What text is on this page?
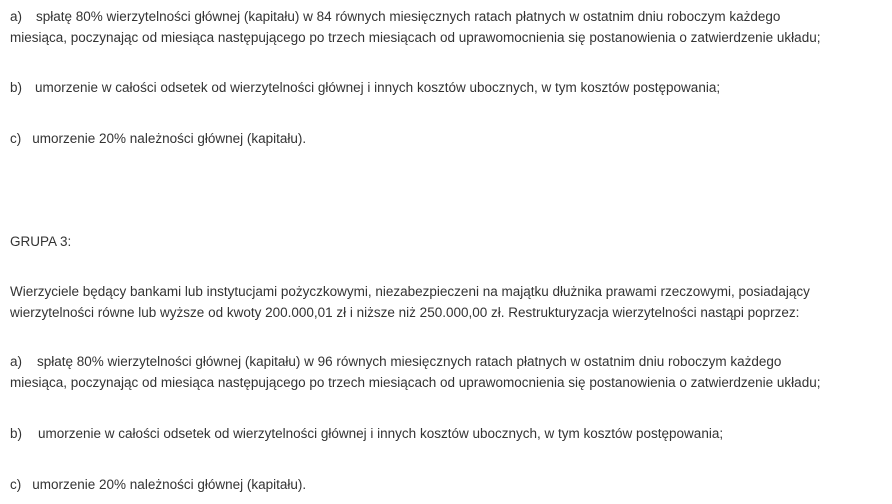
a) spłatę 80% wierzytelności głównej (kapitału) w 84 równych miesięcznych ratach płatnych w ostatnim dniu roboczym każdego
miesiąca, poczynając od miesiąca następującego po trzech miesiącach od uprawomocnienia się postanowienia o zatwierdzenie układu;
b) umorzenie w całości odsetek od wierzytelności głównej i innych kosztów ubocznych, w tym kosztów postępowania;
c) umorzenie 20% należności głównej (kapitału).
GRUPA 3:
Wierzyciele będący bankami lub instytucjami pożyczkowymi, niezabezpieczeni na majątku dłużnika prawami rzeczowymi, posiadający
wierzytelności równe lub wyższe od kwoty 200.000,01 zł i niższe niż 250.000,00 zł. Restrukturyzacja wierzytelności nastąpi poprzez:
a) spłatę 80% wierzytelności głównej (kapitału) w 96 równych miesięcznych ratach płatnych w ostatnim dniu roboczym każdego
miesiąca, poczynając od miesiąca następującego po trzech miesiącach od uprawomocnienia się postanowienia o zatwierdzenie układu;
b) umorzenie w całości odsetek od wierzytelności głównej i innych kosztów ubocznych, w tym kosztów postępowania;
c) umorzenie 20% należności głównej (kapitału).
